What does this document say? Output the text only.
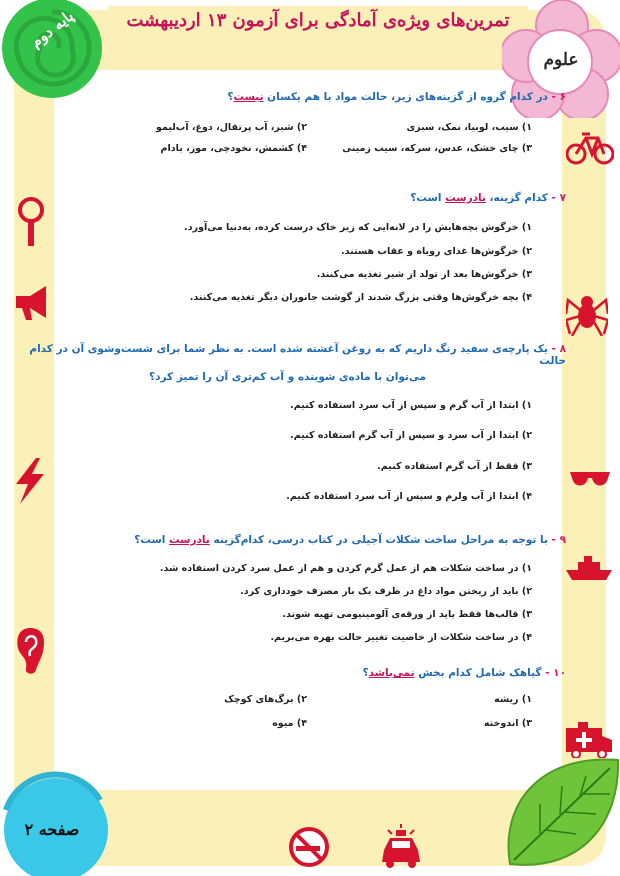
تمرین‌های ویژه‌ی آمادگی برای آزمون ۱۳ اردیبهشت
پایه دوم
علوم
صفحه ۲
۶ - در کدام گروه از گزینه‌های زیر، حالت مواد با هم یکسان نیست؟
۱) سیب، لوبیا، نمک، سبزی
۲) شیر، آب پرتقال، دوغ، آب‌لیمو
۳) چای خشک، عدس، سرکه، سیب زمینی
۴) کشمش، نخودچی، موز، بادام
۷ - کدام گزینه، نادرست است؟
۱) خرگوش بچه‌هایش را در لانه‌ایی که زیر خاک درست کرده، به‌دنیا می‌آورد.
۲) خرگوش‌ها غذای روباه و عقاب هستند.
۳) خرگوش‌ها بعد از تولد از شیر تغذیه می‌کنند.
۴) بچه خرگوش‌ها وقتی بزرگ شدند از گوشت جانوران دیگر تغذیه می‌کنند.
۸ - یک پارچه‌ی سفید رنگ داریم که به روغن آغشته شده است. به نظر شما برای شست‌وشوی آن در کدام حالت
می‌توان با ماده‌ی شوینده و آب کم‌تری آن را تمیز کرد؟
۱) ابتدا از آب گرم و سپس از آب سرد استفاده کنیم.
۲) ابتدا از آب سرد و سپس از آب گرم استفاده کنیم.
۳) فقط از آب گرم استفاده کنیم.
۴) ابتدا از آب ولرم و سپس از آب سرد استفاده کنیم.
۹ - با توجه به مراحل ساخت شکلات آجیلی در کتاب درسی، کدام‌گزینه نادرست است؟
۱) در ساخت شکلات هم از عمل گرم کردن و هم از عمل سرد کردن استفاده شد.
۲) باید از ریختن مواد داغ در ظرف یک بار مصرف خودداری کرد.
۳) قالب‌ها فقط باید از ورقه‌ی آلومینیومی تهیه شوند.
۴) در ساخت شکلات از خاصیت تغییر حالت بهره می‌بریم.
۱۰ - گیاهک شامل کدام بخش نمی‌باشد؟
۱) ریشه
۲) برگ‌های کوچک
۳) اندوخته
۴) میوه
